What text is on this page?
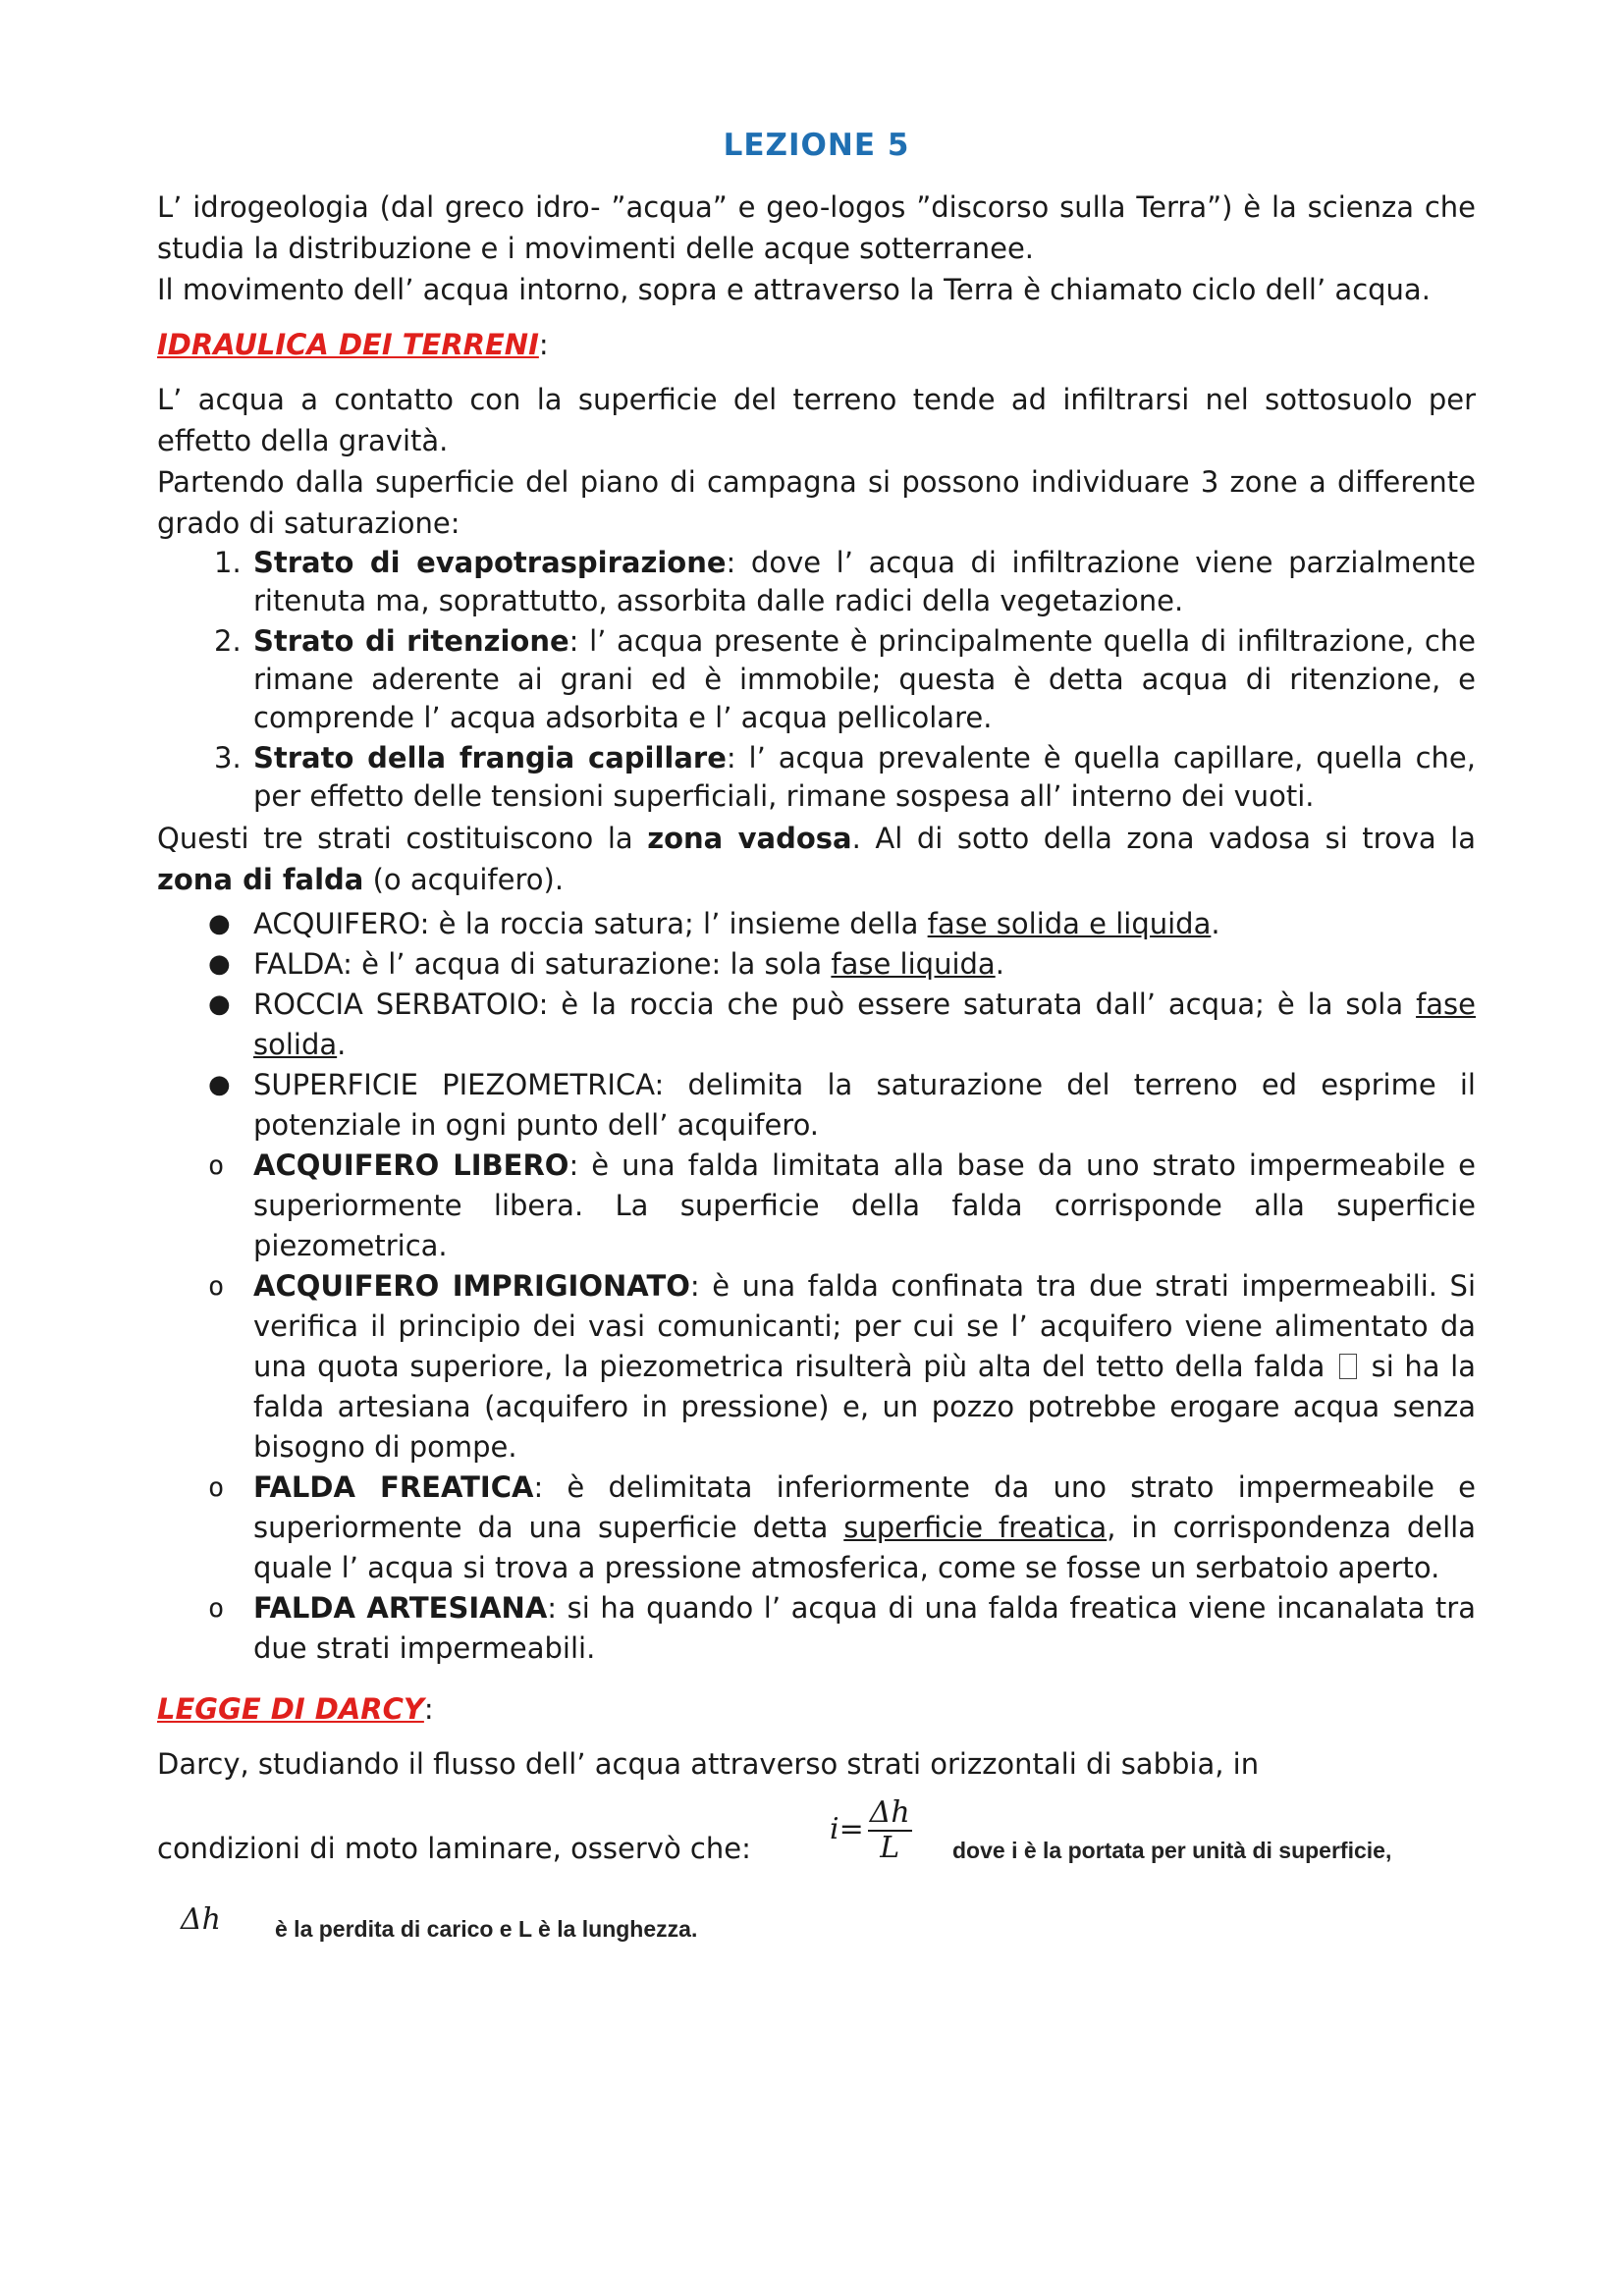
LEZIONE 5

L’ idrogeologia (dal greco idro- ”acqua” e geo-logos ”discorso sulla Terra”) è la scienza che studia la distribuzione e i movimenti delle acque sotterranee.

Il movimento dell’ acqua intorno, sopra e attraverso la Terra è chiamato ciclo dell’ acqua.

IDRAULICA DEI TERRENI:

L’ acqua a contatto con la superficie del terreno tende ad infiltrarsi nel sottosuolo per effetto della gravità.

Partendo dalla superficie del piano di campagna si possono individuare 3 zone a differente grado di saturazione:

1. Strato di evapotraspirazione: dove l’ acqua di infiltrazione viene parzialmente ritenuta ma, soprattutto, assorbita dalle radici della vegetazione.
2. Strato di ritenzione: l’ acqua presente è principalmente quella di infiltrazione, che rimane aderente ai grani ed è immobile; questa è detta acqua di ritenzione, e comprende l’ acqua adsorbita e l’ acqua pellicolare.
3. Strato della frangia capillare: l’ acqua prevalente è quella capillare, quella che, per effetto delle tensioni superficiali, rimane sospesa all’ interno dei vuoti.

Questi tre strati costituiscono la zona vadosa. Al di sotto della zona vadosa si trova la zona di falda (o acquifero).

● ACQUIFERO: è la roccia satura; l’ insieme della fase solida e liquida.
● FALDA: è l’ acqua di saturazione: la sola fase liquida.
● ROCCIA SERBATOIO: è la roccia che può essere saturata dall’ acqua; è la sola fase solida.
● SUPERFICIE PIEZOMETRICA: delimita la saturazione del terreno ed esprime il potenziale in ogni punto dell’ acquifero.
o ACQUIFERO LIBERO: è una falda limitata alla base da uno strato impermeabile e superiormente libera. La superficie della falda corrisponde alla superficie piezometrica.
o ACQUIFERO IMPRIGIONATO: è una falda confinata tra due strati impermeabili. Si verifica il principio dei vasi comunicanti; per cui se l’ acquifero viene alimentato da una quota superiore, la piezometrica risulterà più alta del tetto della falda  si ha la falda artesiana (acquifero in pressione) e, un pozzo potrebbe erogare acqua senza bisogno di pompe.
o FALDA FREATICA: è delimitata inferiormente da uno strato impermeabile e superiormente da una superficie detta superficie freatica, in corrispondenza della quale l’ acqua si trova a pressione atmosferica, come se fosse un serbatoio aperto.
o FALDA ARTESIANA: si ha quando l’ acqua di una falda freatica viene incanalata tra due strati impermeabili.
LEGGE DI DARCY:

Darcy, studiando il flusso dell’ acqua attraverso strati orizzontali di sabbia, in

condizioni di moto laminare, osservò che:
$i= \frac{\Delta h}{L}$ dove i è la portata per unità di superficie,
Δh è la perdita di carico e L è la lunghezza.
